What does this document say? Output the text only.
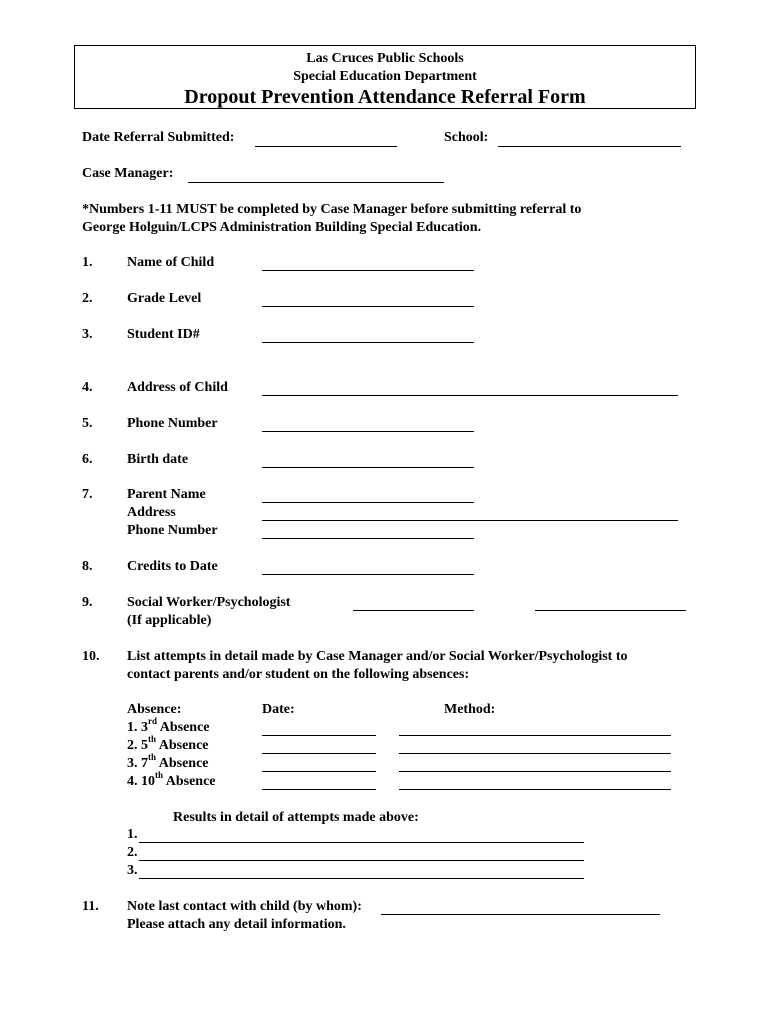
Las Cruces Public Schools
Special Education Department
Dropout Prevention Attendance Referral Form
Date Referral Submitted:	School:
Case Manager:
*Numbers 1-11 MUST be completed by Case Manager before submitting referral to
George Holguin/LCPS Administration Building Special Education.
1. Name of Child
2. Grade Level
3. Student ID#
4. Address of Child
5. Phone Number
6. Birth date
7. Parent Name
Address
Phone Number
8. Credits to Date
9. Social Worker/Psychologist
(If applicable)
10. List attempts in detail made by Case Manager and/or Social Worker/Psychologist to
contact parents and/or student on the following absences:
Absence:	Date:	Method:
1. 3rd Absence
2. 5th Absence
3. 7th Absence
4. 10th Absence
Results in detail of attempts made above:
1.
2.
3.
11. Note last contact with child (by whom):
Please attach any detail information.
